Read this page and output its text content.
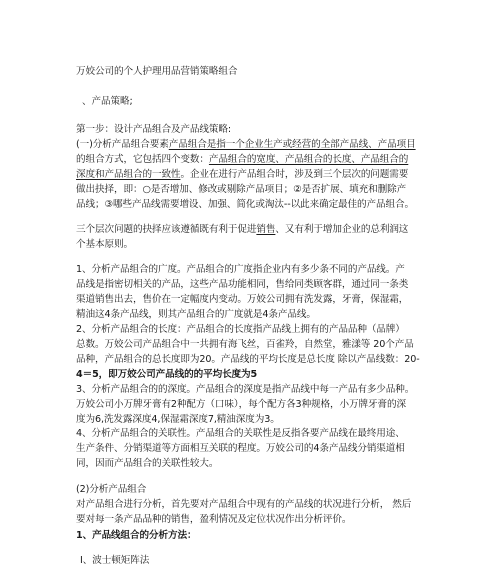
万姣公司的个人护理用品营销策略组合
、产品策略;
第一步：设计产品组合及产品线策略:
(一)分析产品组合要素产品组合是指一个企业生产或经营的全部产品线、产品项目
的组合方式，它包括四个变数：产品组合的宽度、产品组合的长度、产品组合的
深度和产品组合的一致性。企业在进行产品组合时，涉及到三个层次的问题需要
做出抉择，即：○是否增加、修改或剔除产品项目；②是否扩展、填充和删除产
品线；③哪些产品线需要增设、加强、简化或淘汰--以此来确定最佳的产品组合。
三个层次问题的抉择应该遵循既有利于促进销售、又有利于增加企业的总利润这
个基本原则。
1、分析产品组合的广度。产品组合的广度指企业内有多少条不同的产品线。产
品线是指密切相关的产品，这些产品功能相同，售给同类顾客群，通过同一条类
渠道销售出去，售价在一定幅度内变动。万姣公司拥有洗发露，牙膏，保湿霜，
精油这4条产品线，则其产品组合的广度就是4条产品线。
2、分析产品组合的长度：产品组合的长度指产品线上拥有的产品品种（品牌）
总数。万姣公司产品组合中一共拥有海飞丝，百雀羚，自然堂，雅漾等 20个产品
品种，产品组合的总长度即为20。产品线的平均长度是总长度 除以产品线数：20-
4＝5，即万姣公司产品线的的平均长度为5
3、分析产品组合的的深度。产品组合的深度是指产品线中每一产品有多少品种。
万姣公司小万牌牙膏有2种配方（口味），每个配方各3种规格，小万牌牙膏的深
度为6,洗发露深度4,保湿霜深度7,精油深度为3。
4、分析产品组合的关联性。产品组合的关联性是反指各要产品线在最终用途、
生产条件、分销渠道等方面相互关联的程度。万姣公司的4条产品线分销渠道相
同，因而产品组合的关联性较大。
(2)分析产品组合
对产品组合进行分析，首先要对产品组合中现有的产品线的状况进行分析， 然后
要对每一条产品品种的销售，盈利情况及定位状况作出分析评价。
1、产品线组合的分析方法：
I、波士顿矩阵法
